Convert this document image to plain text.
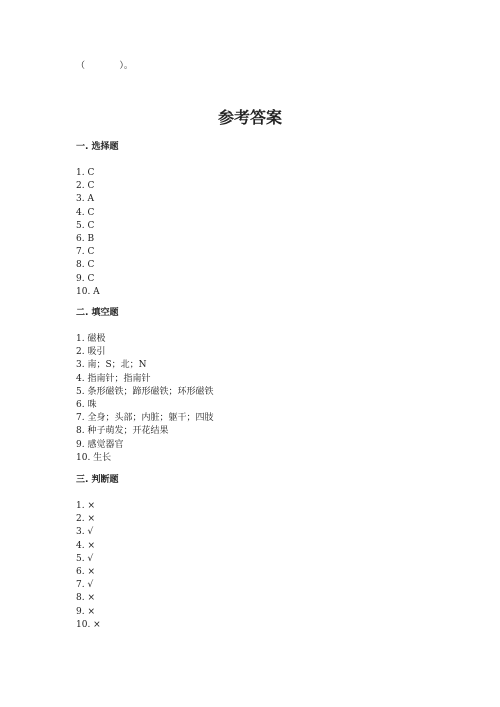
（            ）。
参考答案
一. 选择题
1. C
2. C
3. A
4. C
5. C
6. B
7. C
8. C
9. C
10. A
二. 填空题
1. 磁极
2. 吸引
3. 南；S；北；N
4. 指南针；指南针
5. 条形磁铁；蹄形磁铁；环形磁铁
6. 咮
7. 全身；头部；内脏；躯干；四肢
8. 种子萌发；开花结果
9. 感觉器官
10. 生长
三. 判断题
1. ×
2. ×
3. √
4. ×
5. √
6. ×
7. √
8. ×
9. ×
10. ×
